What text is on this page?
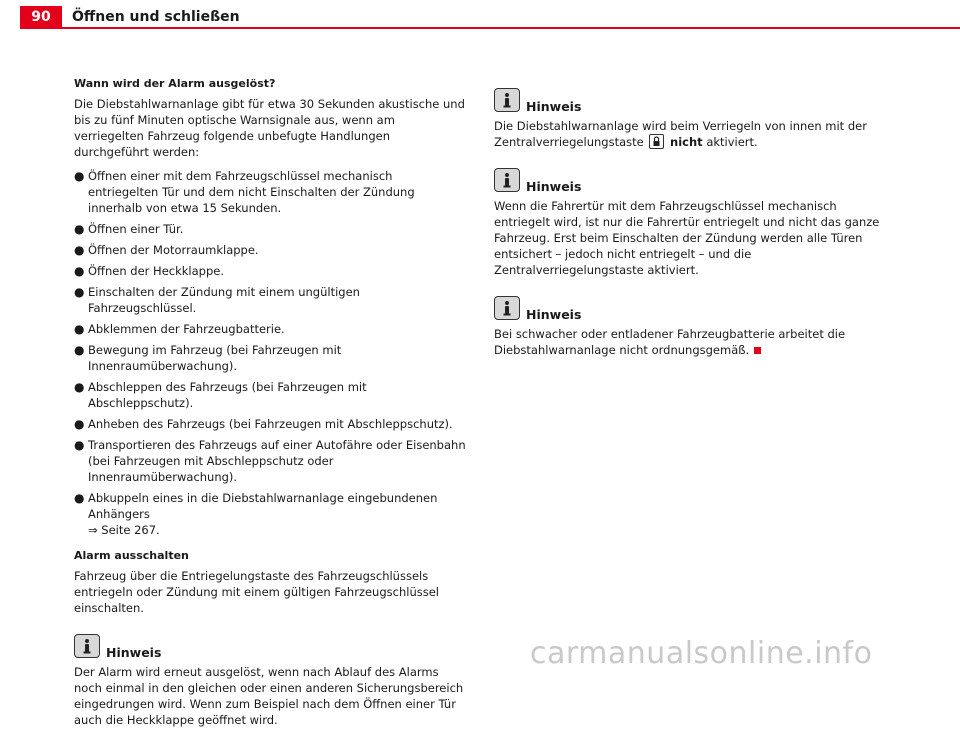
90	Öffnen und schließen
Wann wird der Alarm ausgelöst?

Die Diebstahlwarnanlage gibt für etwa 30 Sekunden akustische und bis zu fünf Minuten optische Warnsignale aus, wenn am verriegelten Fahrzeug folgende unbefugte Handlungen durchgeführt werden:

● Öffnen einer mit dem Fahrzeugschlüssel mechanisch entriegelten Tür und dem nicht Einschalten der Zündung innerhalb von etwa 15 Sekunden.
● Öffnen einer Tür.
● Öffnen der Motorraumklappe.
● Öffnen der Heckklappe.
● Einschalten der Zündung mit einem ungültigen Fahrzeugschlüssel.
● Abklemmen der Fahrzeugbatterie.
● Bewegung im Fahrzeug (bei Fahrzeugen mit Innenraumüberwachung).
● Abschleppen des Fahrzeugs (bei Fahrzeugen mit Abschleppschutz).
● Anheben des Fahrzeugs (bei Fahrzeugen mit Abschleppschutz).
● Transportieren des Fahrzeugs auf einer Autofähre oder Eisenbahn (bei Fahrzeugen mit Abschleppschutz oder Innenraumüberwachung).
● Abkuppeln eines in die Diebstahlwarnanlage eingebundenen Anhängers
⇒ Seite 267.
Alarm ausschalten

Fahrzeug über die Entriegelungstaste des Fahrzeugschlüssels entriegeln oder Zündung mit einem gültigen Fahrzeugschlüssel einschalten.

Hinweis

Der Alarm wird erneut ausgelöst, wenn nach Ablauf des Alarms noch einmal in den gleichen oder einen anderen Sicherungsbereich eingedrungen wird. Wenn zum Beispiel nach dem Öffnen einer Tür auch die Heckklappe geöffnet wird.

Hinweis

Die Diebstahlwarnanlage wird beim Verriegeln von innen mit der Zentralverriegelungstaste nicht aktiviert.

Hinweis

Wenn die Fahrertür mit dem Fahrzeugschlüssel mechanisch entriegelt wird, ist nur die Fahrertür entriegelt und nicht das ganze Fahrzeug. Erst beim Einschalten der Zündung werden alle Türen entsichert – jedoch nicht entriegelt – und die Zentralverriegelungstaste aktiviert.

Hinweis

Bei schwacher oder entladener Fahrzeugbatterie arbeitet die Diebstahlwarnanlage nicht ordnungsgemäß.

carmanualsonline.info
